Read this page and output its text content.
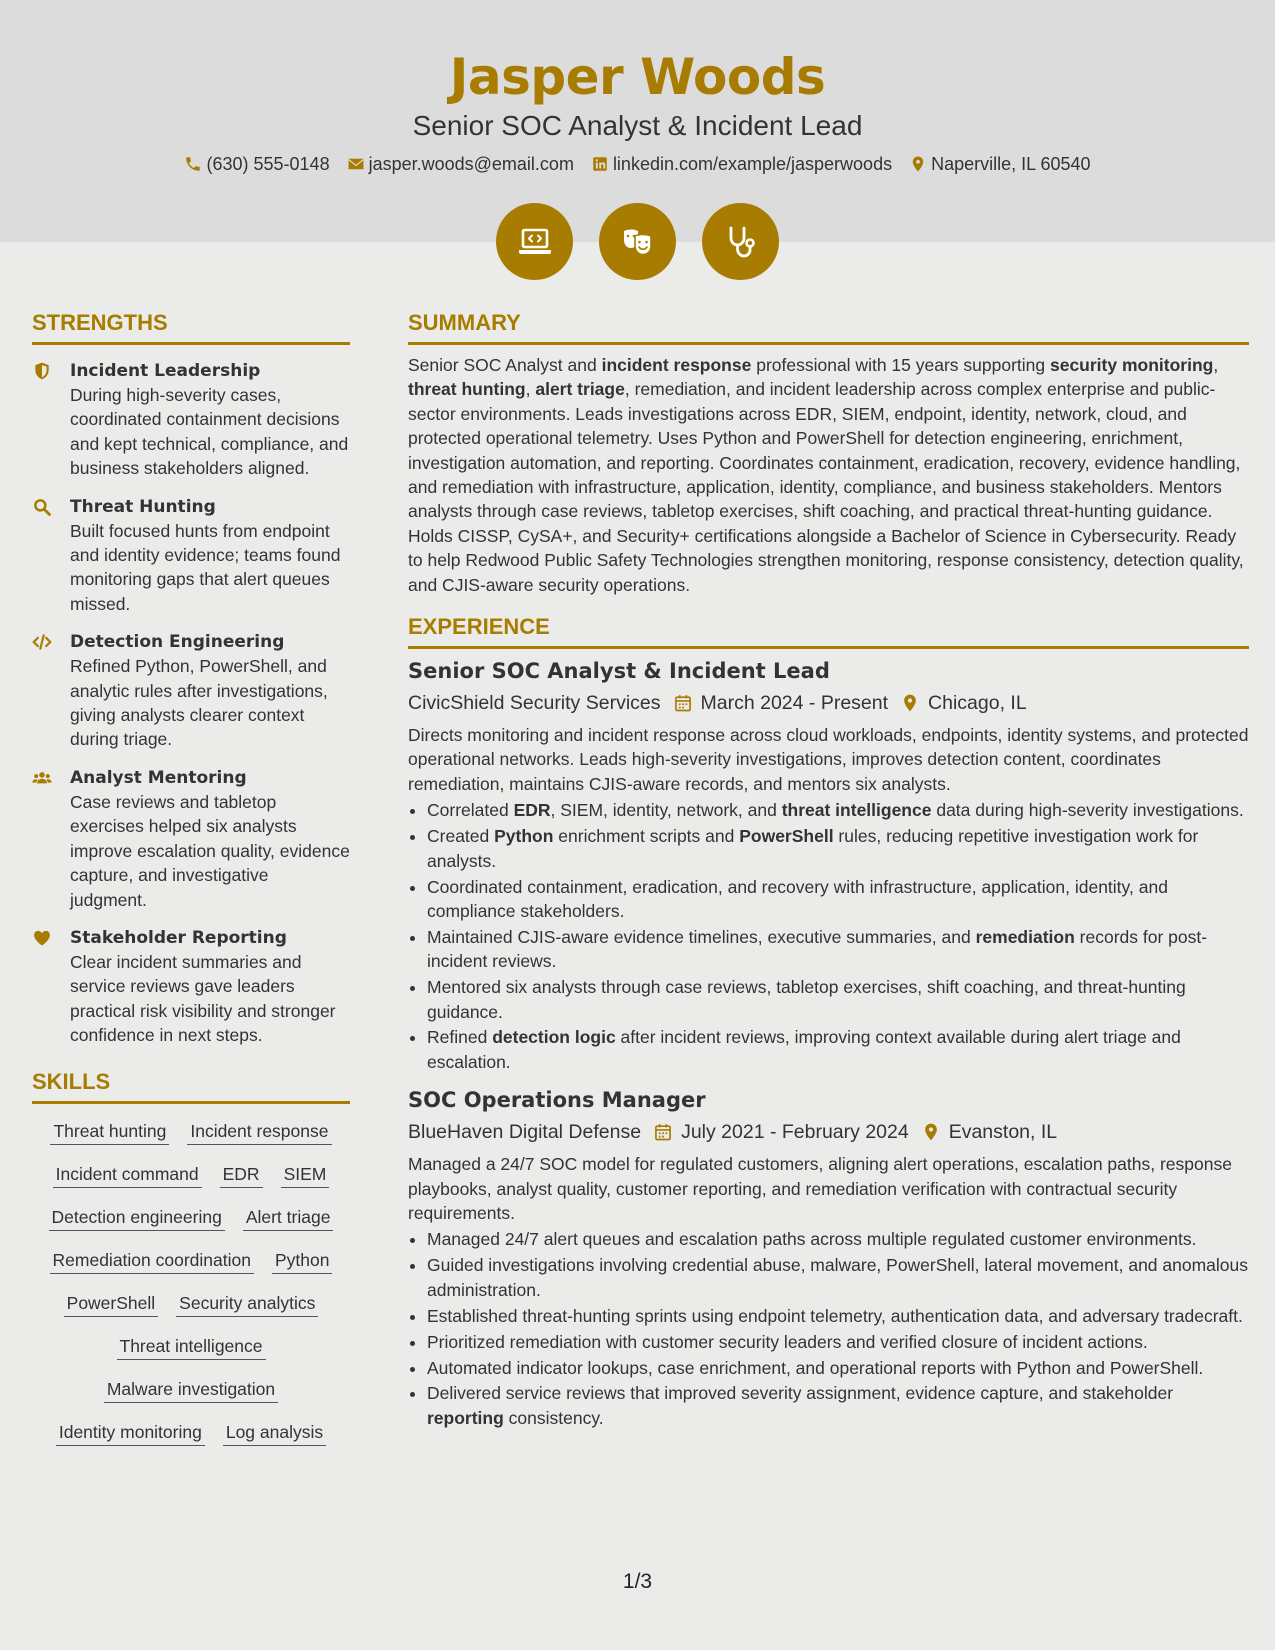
Jasper Woods
Senior SOC Analyst & Incident Lead
(630) 555-0148 jasper.woods@email.com linkedin.com/example/jasperwoods Naperville, IL 60540
STRENGTHS
Incident Leadership
During high-severity cases, coordinated containment decisions and kept technical, compliance, and business stakeholders aligned.
Threat Hunting
Built focused hunts from endpoint and identity evidence; teams found monitoring gaps that alert queues missed.
Detection Engineering
Refined Python, PowerShell, and analytic rules after investigations, giving analysts clearer context during triage.
Analyst Mentoring
Case reviews and tabletop exercises helped six analysts improve escalation quality, evidence capture, and investigative judgment.
Stakeholder Reporting
Clear incident summaries and service reviews gave leaders practical risk visibility and stronger confidence in next steps.
SKILLS
Threat hunting Incident response
Incident command EDR SIEM
Detection engineering Alert triage
Remediation coordination Python
PowerShell Security analytics
Threat intelligence
Malware investigation
Identity monitoring Log analysis
SUMMARY

Senior SOC Analyst and incident response professional with 15 years supporting security monitoring, threat hunting, alert triage, remediation, and incident leadership across complex enterprise and public-sector environments. Leads investigations across EDR, SIEM, endpoint, identity, network, cloud, and protected operational telemetry. Uses Python and PowerShell for detection engineering, enrichment, investigation automation, and reporting. Coordinates containment, eradication, recovery, evidence handling, and remediation with infrastructure, application, identity, compliance, and business stakeholders. Mentors analysts through case reviews, tabletop exercises, shift coaching, and practical threat-hunting guidance. Holds CISSP, CySA+, and Security+ certifications alongside a Bachelor of Science in Cybersecurity. Ready to help Redwood Public Safety Technologies strengthen monitoring, response consistency, detection quality, and CJIS-aware security operations.

EXPERIENCE
Senior SOC Analyst & Incident Lead
CivicShield Security Services March 2024 - Present Chicago, IL
Directs monitoring and incident response across cloud workloads, endpoints, identity systems, and protected operational networks. Leads high-severity investigations, improves detection content, coordinates remediation, maintains CJIS-aware records, and mentors six analysts.
• Correlated EDR, SIEM, identity, network, and threat intelligence data during high-severity investigations.
• Created Python enrichment scripts and PowerShell rules, reducing repetitive investigation work for analysts.
• Coordinated containment, eradication, and recovery with infrastructure, application, identity, and compliance stakeholders.
• Maintained CJIS-aware evidence timelines, executive summaries, and remediation records for post-incident reviews.
• Mentored six analysts through case reviews, tabletop exercises, shift coaching, and threat-hunting guidance.
• Refined detection logic after incident reviews, improving context available during alert triage and escalation.
SOC Operations Manager
BlueHaven Digital Defense July 2021 - February 2024 Evanston, IL
Managed a 24/7 SOC model for regulated customers, aligning alert operations, escalation paths, response playbooks, analyst quality, customer reporting, and remediation verification with contractual security requirements.
• Managed 24/7 alert queues and escalation paths across multiple regulated customer environments.
• Guided investigations involving credential abuse, malware, PowerShell, lateral movement, and anomalous administration.
• Established threat-hunting sprints using endpoint telemetry, authentication data, and adversary tradecraft.
• Prioritized remediation with customer security leaders and verified closure of incident actions.
• Automated indicator lookups, case enrichment, and operational reports with Python and PowerShell.
• Delivered service reviews that improved severity assignment, evidence capture, and stakeholder reporting consistency.
1/3
